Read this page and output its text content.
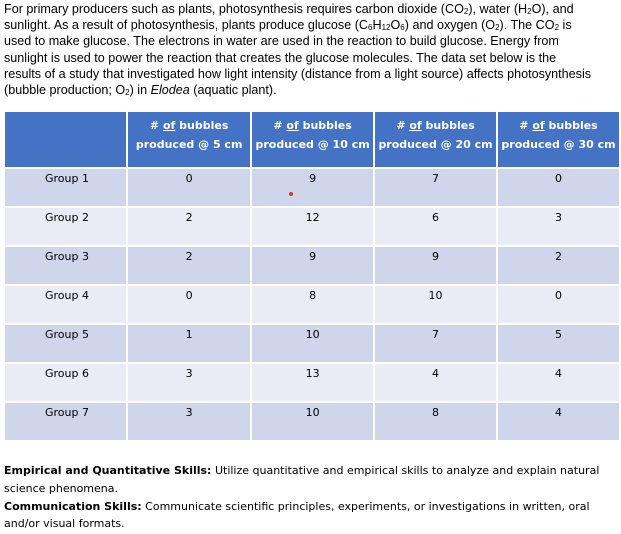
For primary producers such as plants, photosynthesis requires carbon dioxide $(CO_2)$, water $(H_2O)$, and
sunlight. As a result of photosynthesis, plants produce glucose $(C_6H_{12}O_6)$ and oxygen $(O_2)$. The $CO_2$ is
used to make glucose. The electrons in water are used in the reaction to build glucose. Energy from
sunlight is used to power the reaction that creates the glucose molecules. The data set below is the
results of a study that investigated how light intensity (distance from a light source) affects photosynthesis
(bubble production; $O_2$) in Elodea (aquatic plant).
	# of bubbles
produced @ 5 cm	# of bubbles
produced @ 10 cm	# of bubbles
produced @ 20 cm	# of bubbles
produced @ 30 cm
Group 1	0	9	7	0
Group 2	2	12	6	3
Group 3	2	9	9	2
Group 4	0	8	10	0
Group 5	1	10	7	5
Group 6	3	13	4	4
Group 7	3	10	8	4
Empirical and Quantitative Skills: Utilize quantitative and empirical skills to analyze and explain natural science phenomena.
Communication Skills: Communicate scientific principles, experiments, or investigations in written, oral and/or visual formats.
